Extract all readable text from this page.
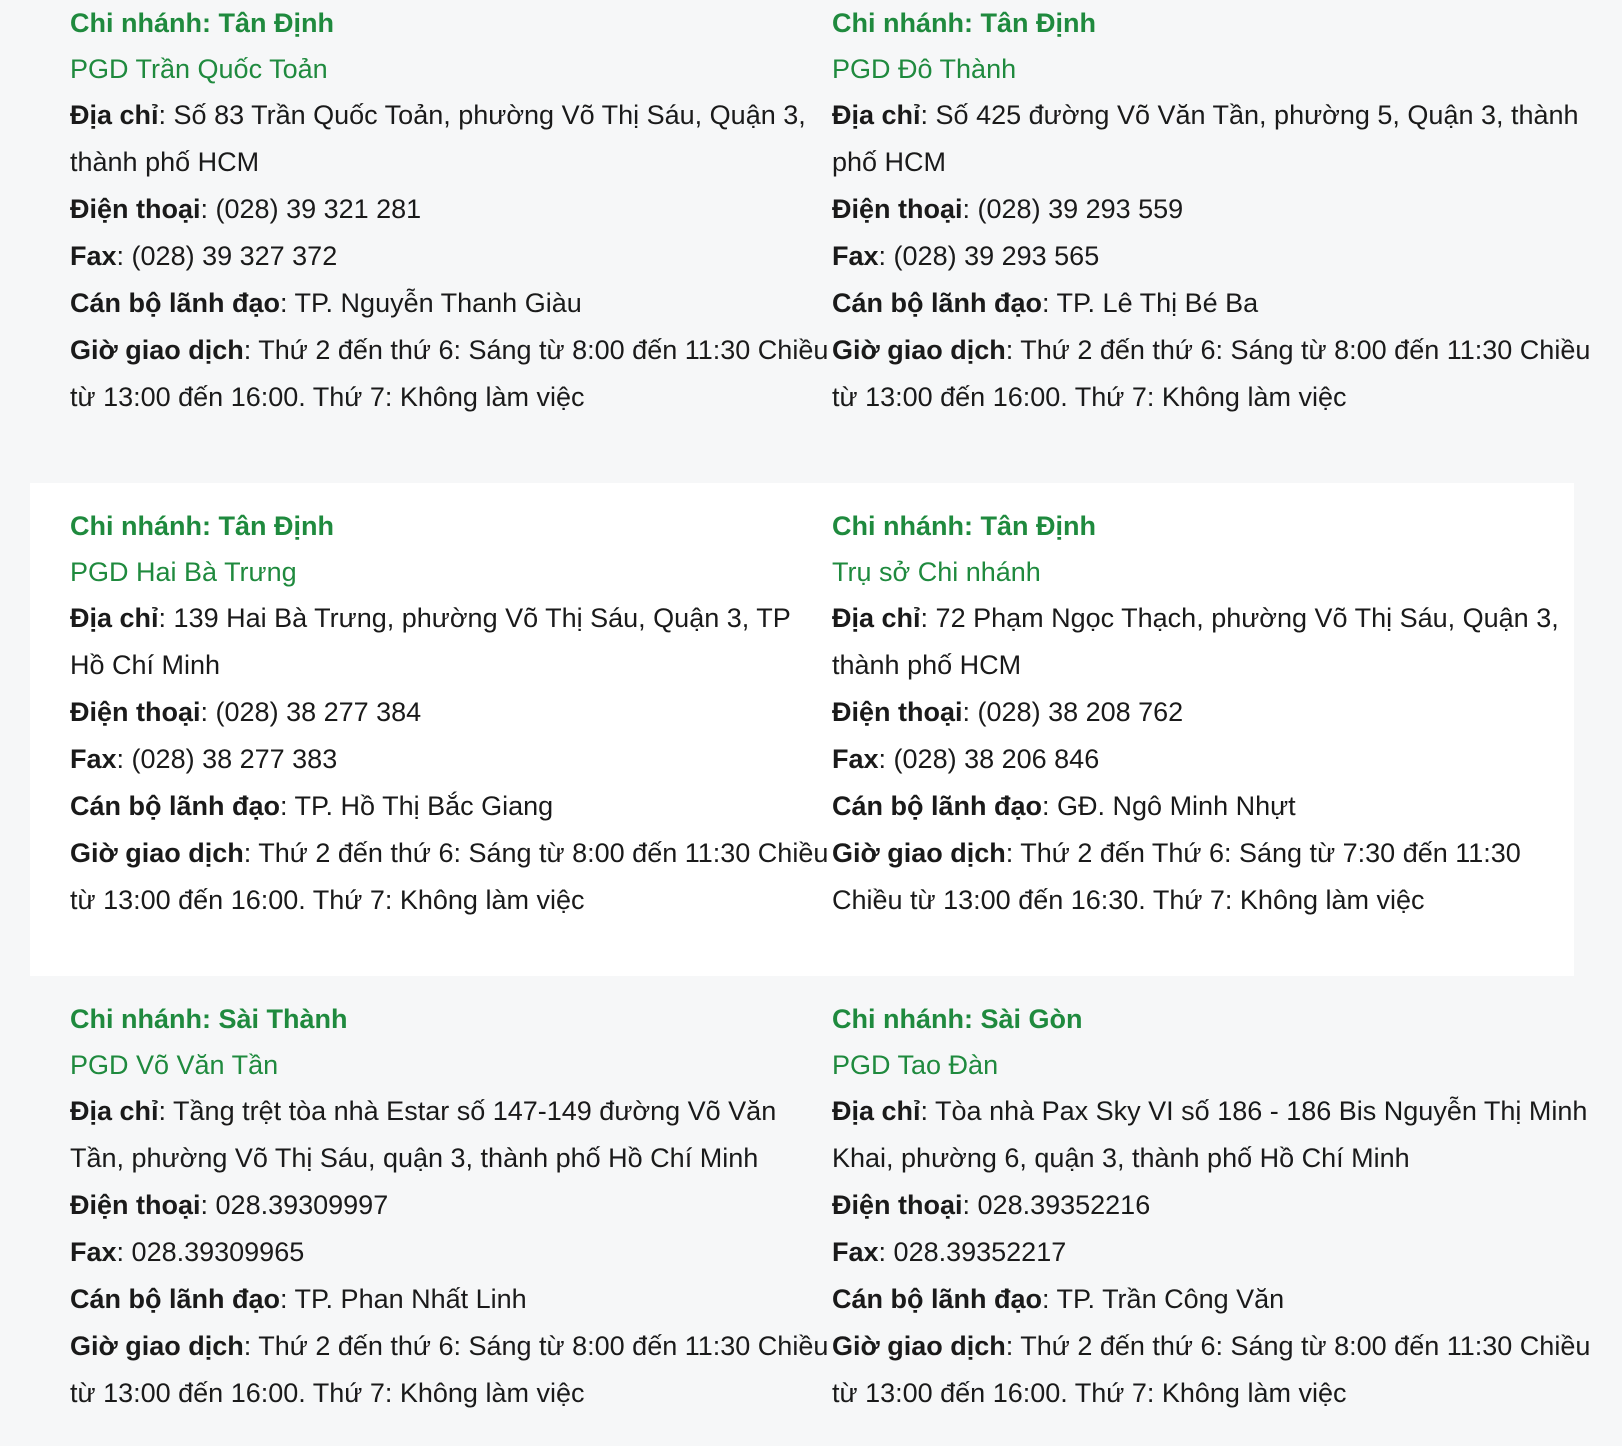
Chi nhánh: Tân Định
PGD Trần Quốc Toản
Địa chỉ: Số 83 Trần Quốc Toản, phường Võ Thị Sáu, Quận 3, thành phố HCM
Điện thoại: (028) 39 321 281
Fax: (028) 39 327 372
Cán bộ lãnh đạo: TP. Nguyễn Thanh Giàu
Giờ giao dịch: Thứ 2 đến thứ 6: Sáng từ 8:00 đến 11:30 Chiều từ 13:00 đến 16:00. Thứ 7: Không làm việc
Chi nhánh: Tân Định
PGD Đô Thành
Địa chỉ: Số 425 đường Võ Văn Tần, phường 5, Quận 3, thành phố HCM
Điện thoại: (028) 39 293 559
Fax: (028) 39 293 565
Cán bộ lãnh đạo: TP. Lê Thị Bé Ba
Giờ giao dịch: Thứ 2 đến thứ 6: Sáng từ 8:00 đến 11:30 Chiều từ 13:00 đến 16:00. Thứ 7: Không làm việc
Chi nhánh: Tân Định
PGD Hai Bà Trưng
Địa chỉ: 139 Hai Bà Trưng, phường Võ Thị Sáu, Quận 3, TP Hồ Chí Minh
Điện thoại: (028) 38 277 384
Fax: (028) 38 277 383
Cán bộ lãnh đạo: TP. Hồ Thị Bắc Giang
Giờ giao dịch: Thứ 2 đến thứ 6: Sáng từ 8:00 đến 11:30 Chiều từ 13:00 đến 16:00. Thứ 7: Không làm việc
Chi nhánh: Tân Định
Trụ sở Chi nhánh
Địa chỉ: 72 Phạm Ngọc Thạch, phường Võ Thị Sáu, Quận 3, thành phố HCM
Điện thoại: (028) 38 208 762
Fax: (028) 38 206 846
Cán bộ lãnh đạo: GĐ. Ngô Minh Nhựt
Giờ giao dịch: Thứ 2 đến Thứ 6: Sáng từ 7:30 đến 11:30 Chiều từ 13:00 đến 16:30. Thứ 7: Không làm việc
Chi nhánh: Sài Thành
PGD Võ Văn Tần
Địa chỉ: Tầng trệt tòa nhà Estar số 147-149 đường Võ Văn Tần, phường Võ Thị Sáu, quận 3, thành phố Hồ Chí Minh
Điện thoại: 028.39309997
Fax: 028.39309965
Cán bộ lãnh đạo: TP. Phan Nhất Linh
Giờ giao dịch: Thứ 2 đến thứ 6: Sáng từ 8:00 đến 11:30 Chiều từ 13:00 đến 16:00. Thứ 7: Không làm việc
Chi nhánh: Sài Gòn
PGD Tao Đàn
Địa chỉ: Tòa nhà Pax Sky VI số 186 - 186 Bis Nguyễn Thị Minh Khai, phường 6, quận 3, thành phố Hồ Chí Minh
Điện thoại: 028.39352216
Fax: 028.39352217
Cán bộ lãnh đạo: TP. Trần Công Văn
Giờ giao dịch: Thứ 2 đến thứ 6: Sáng từ 8:00 đến 11:30 Chiều từ 13:00 đến 16:00. Thứ 7: Không làm việc
